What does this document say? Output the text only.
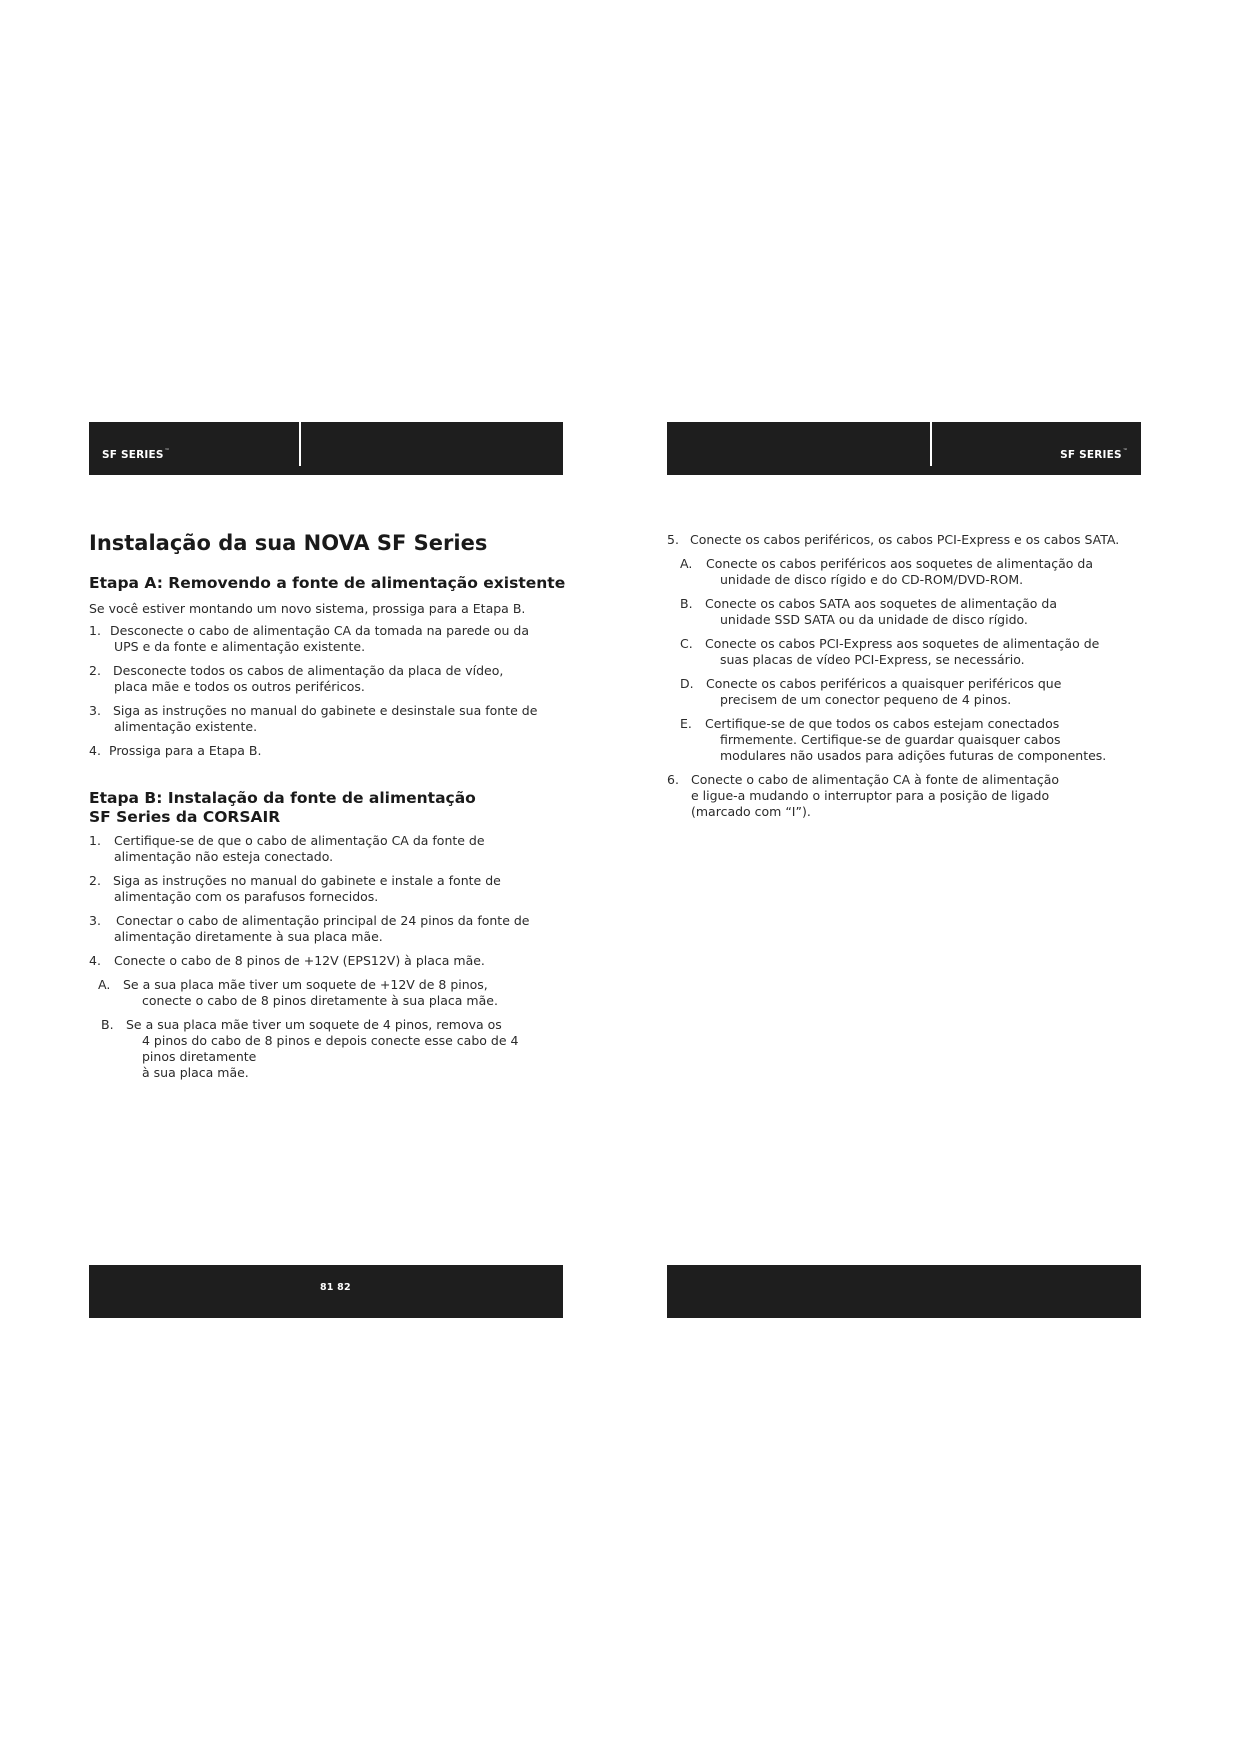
SF SERIES™	SF SERIES™
81 82
Instalação da sua NOVA SF Series
Etapa A: Removendo a fonte de alimentação existente
Se você estiver montando um novo sistema, prossiga para a Etapa B.
1. Desconecte o cabo de alimentação CA da tomada na parede ou da
UPS e da fonte e alimentação existente.
2. Desconecte todos os cabos de alimentação da placa de vídeo,
placa mãe e todos os outros periféricos.
3. Siga as instruções no manual do gabinete e desinstale sua fonte de
alimentação existente.
4. Prossiga para a Etapa B.
Etapa B: Instalação da fonte de alimentação
SF Series da CORSAIR
1.	Certifique-se de que o cabo de alimentação CA da fonte de
alimentação não esteja conectado.
2. Siga as instruções no manual do gabinete e instale a fonte de
alimentação com os parafusos fornecidos.
3.	Conectar o cabo de alimentação principal de 24 pinos da fonte de
alimentação diretamente à sua placa mãe.
4.	Conecte o cabo de 8 pinos de +12V (EPS12V) à placa mãe.
A.	Se a sua placa mãe tiver um soquete de +12V de 8 pinos,
conecte o cabo de 8 pinos diretamente à sua placa mãe.
B. Se a sua placa mãe tiver um soquete de 4 pinos, remova os
4 pinos do cabo de 8 pinos e depois conecte esse cabo de 4
pinos diretamente
à sua placa mãe.
5. Conecte os cabos periféricos, os cabos PCI-Express e os cabos SATA.
A.	Conecte os cabos periféricos aos soquetes de alimentação da
unidade de disco rígido e do CD-ROM/DVD-ROM.
B. Conecte os cabos SATA aos soquetes de alimentação da
unidade SSD SATA ou da unidade de disco rígido.
C. Conecte os cabos PCI-Express aos soquetes de alimentação de
suas placas de vídeo PCI-Express, se necessário.
D. Conecte os cabos periféricos a quaisquer periféricos que
precisem de um conector pequeno de 4 pinos.
E.	Certifique-se de que todos os cabos estejam conectados
firmemente. Certifique-se de guardar quaisquer cabos
modulares não usados para adições futuras de componentes.
6. Conecte o cabo de alimentação CA à fonte de alimentação
e ligue-a mudando o interruptor para a posição de ligado
(marcado com “I”).
